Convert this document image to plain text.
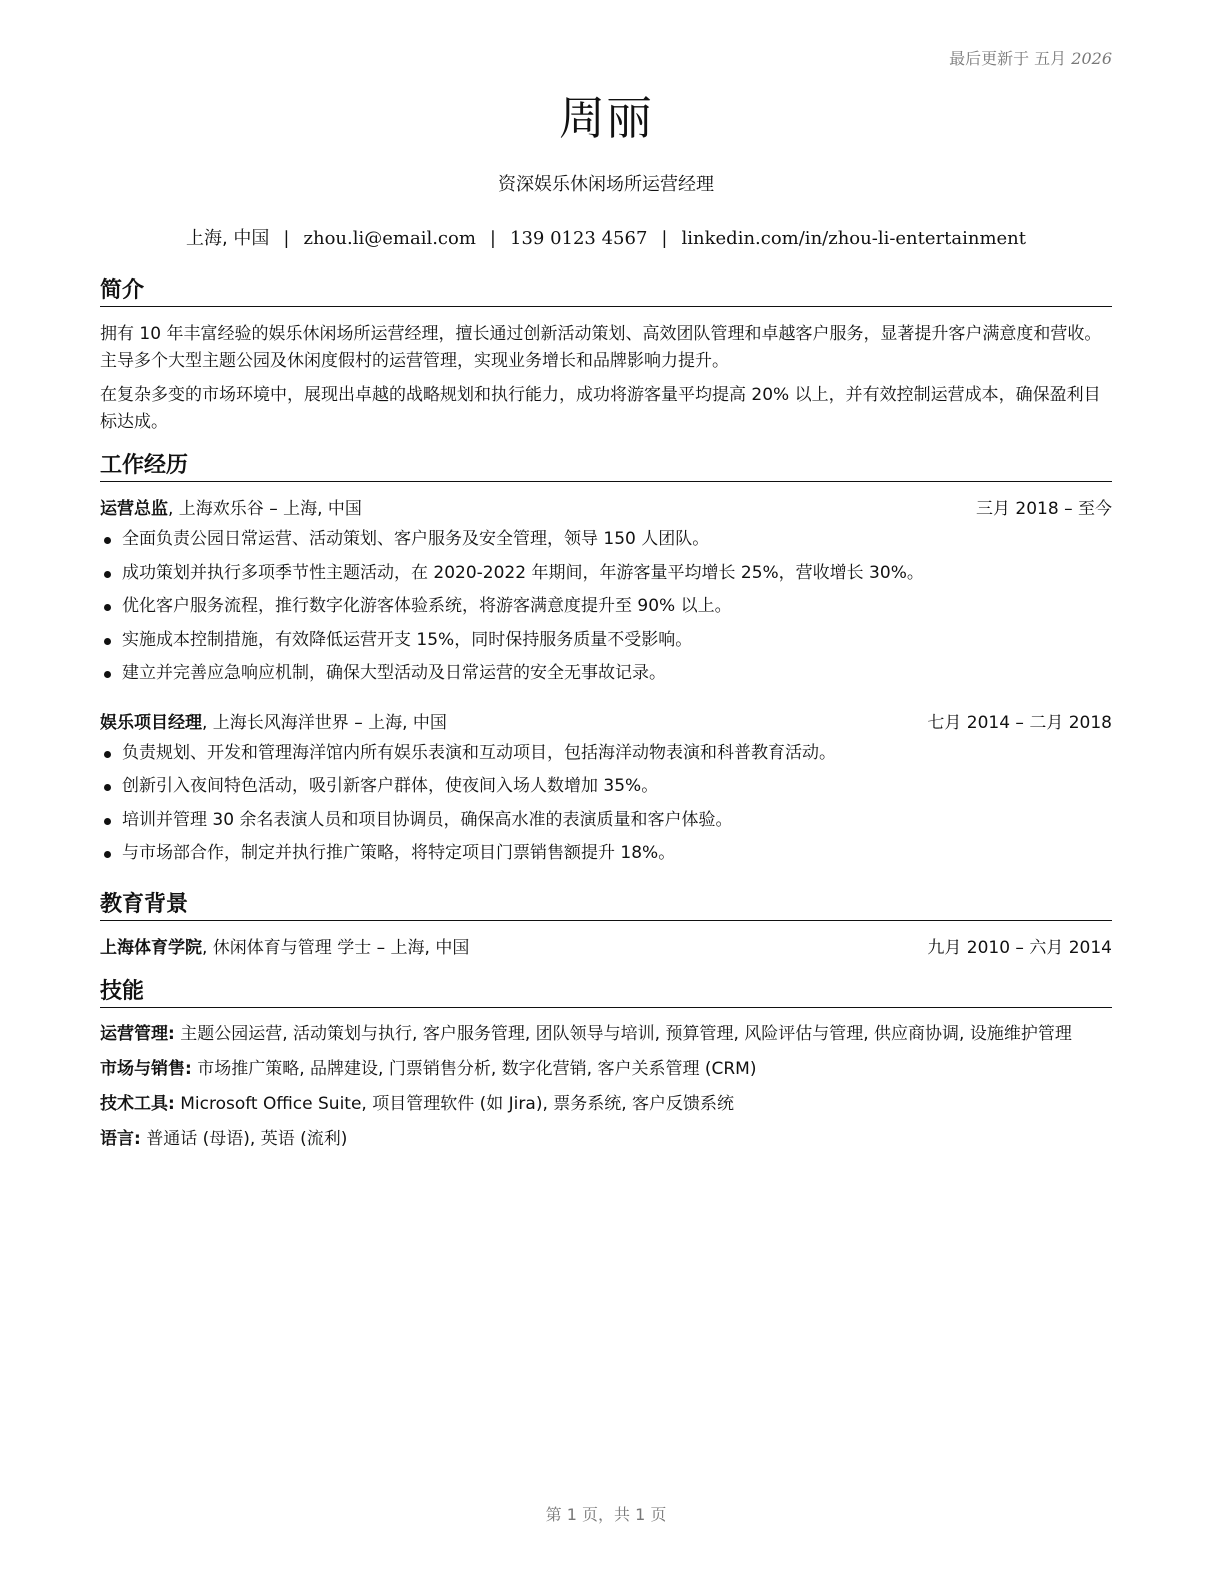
最后更新于 五月 2026
周丽
资深娱乐休闲场所运营经理
上海, 中国 | zhou.li@email.com | 139 0123 4567 | linkedin.com/in/zhou-li-entertainment
简介

拥有 10 年丰富经验的娱乐休闲场所运营经理，擅长通过创新活动策划、高效团队管理和卓越客户服务，显著提升客户满意度和营收。主导多个大型主题公园及休闲度假村的运营管理，实现业务增长和品牌影响力提升。

在复杂多变的市场环境中，展现出卓越的战略规划和执行能力，成功将游客量平均提高 20% 以上，并有效控制运营成本，确保盈利目标达成。

工作经历
运营总监, 上海欢乐谷 – 上海, 中国	三月 2018 – 至今
全面负责公园日常运营、活动策划、客户服务及安全管理，领导 150 人团队。
成功策划并执行多项季节性主题活动，在 2020-2022 年期间，年游客量平均增长 25%，营收增长 30%。
优化客户服务流程，推行数字化游客体验系统，将游客满意度提升至 90% 以上。
实施成本控制措施，有效降低运营开支 15%，同时保持服务质量不受影响。
建立并完善应急响应机制，确保大型活动及日常运营的安全无事故记录。
娱乐项目经理, 上海长风海洋世界 – 上海, 中国	七月 2014 – 二月 2018
负责规划、开发和管理海洋馆内所有娱乐表演和互动项目，包括海洋动物表演和科普教育活动。
创新引入夜间特色活动，吸引新客户群体，使夜间入场人数增加 35%。
培训并管理 30 余名表演人员和项目协调员，确保高水准的表演质量和客户体验。
与市场部合作，制定并执行推广策略，将特定项目门票销售额提升 18%。
教育背景
上海体育学院, 休闲体育与管理 学士 – 上海, 中国	九月 2010 – 六月 2014
技能

运营管理: 主题公园运营, 活动策划与执行, 客户服务管理, 团队领导与培训, 预算管理, 风险评估与管理, 供应商协调, 设施维护管理

市场与销售: 市场推广策略, 品牌建设, 门票销售分析, 数字化营销, 客户关系管理 (CRM)

技术工具: Microsoft Office Suite, 项目管理软件 (如 Jira), 票务系统, 客户反馈系统

语言: 普通话 (母语), 英语 (流利)

第 1 页，共 1 页
